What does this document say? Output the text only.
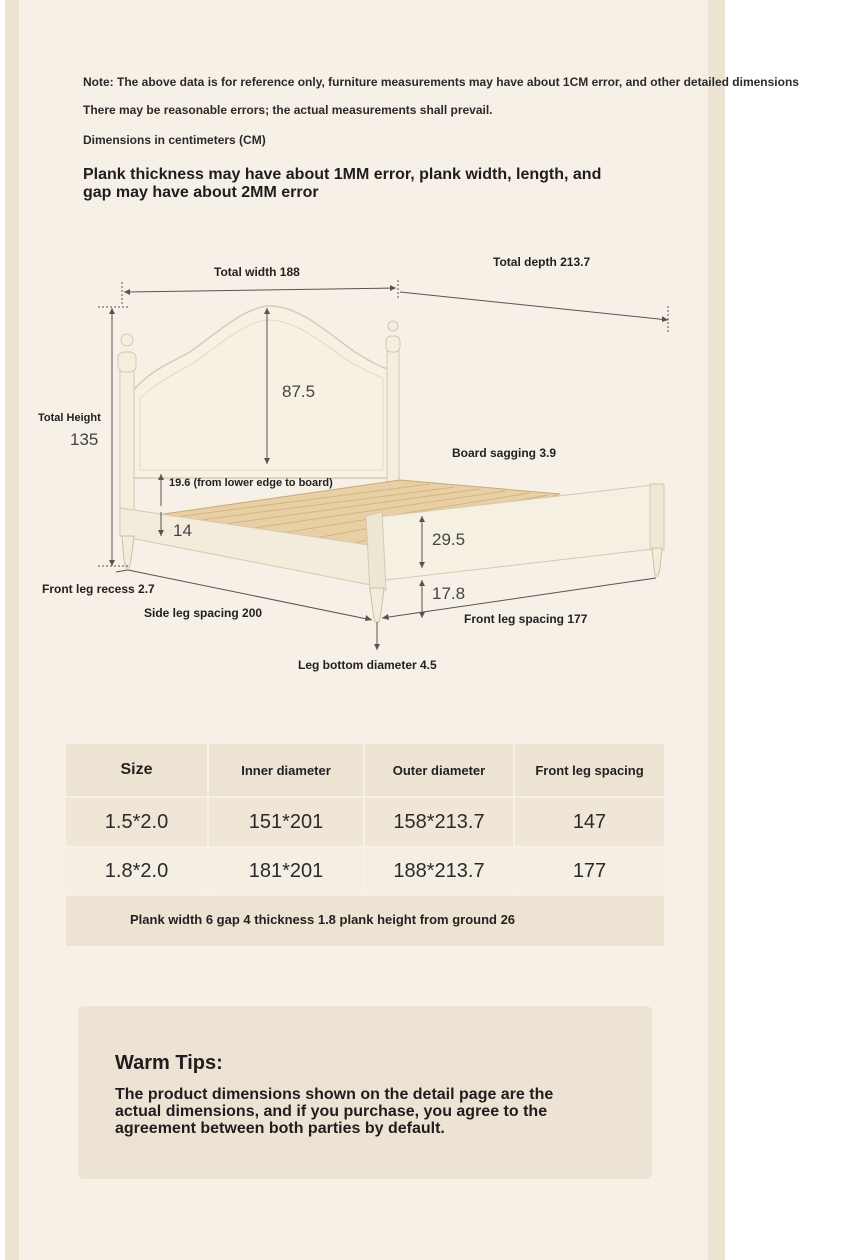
Note: The above data is for reference only, furniture measurements may have about 1CM error, and other detailed dimensions
There may be reasonable errors; the actual measurements shall prevail.
Dimensions in centimeters (CM)
Plank thickness may have about 1MM error, plank width, length, and gap may have about 2MM error
Total width 188
Total depth 213.7
Total Height
135
87.5
Board sagging 3.9
19.6 (from lower edge to board)
14	29.5
Front leg recess 2.7	17.8
Side leg spacing 200	Front leg spacing 177
Leg bottom diameter 4.5
Size	Inner diameter	Outer diameter	Front leg spacing
1.5*2.0	151*201	158*213.7	147
1.8*2.0	181*201	188*213.7	177
Plank width 6 gap 4 thickness 1.8 plank height from ground 26
Warm Tips:
The product dimensions shown on the detail page are the actual dimensions, and if you purchase, you agree to the agreement between both parties by default.
